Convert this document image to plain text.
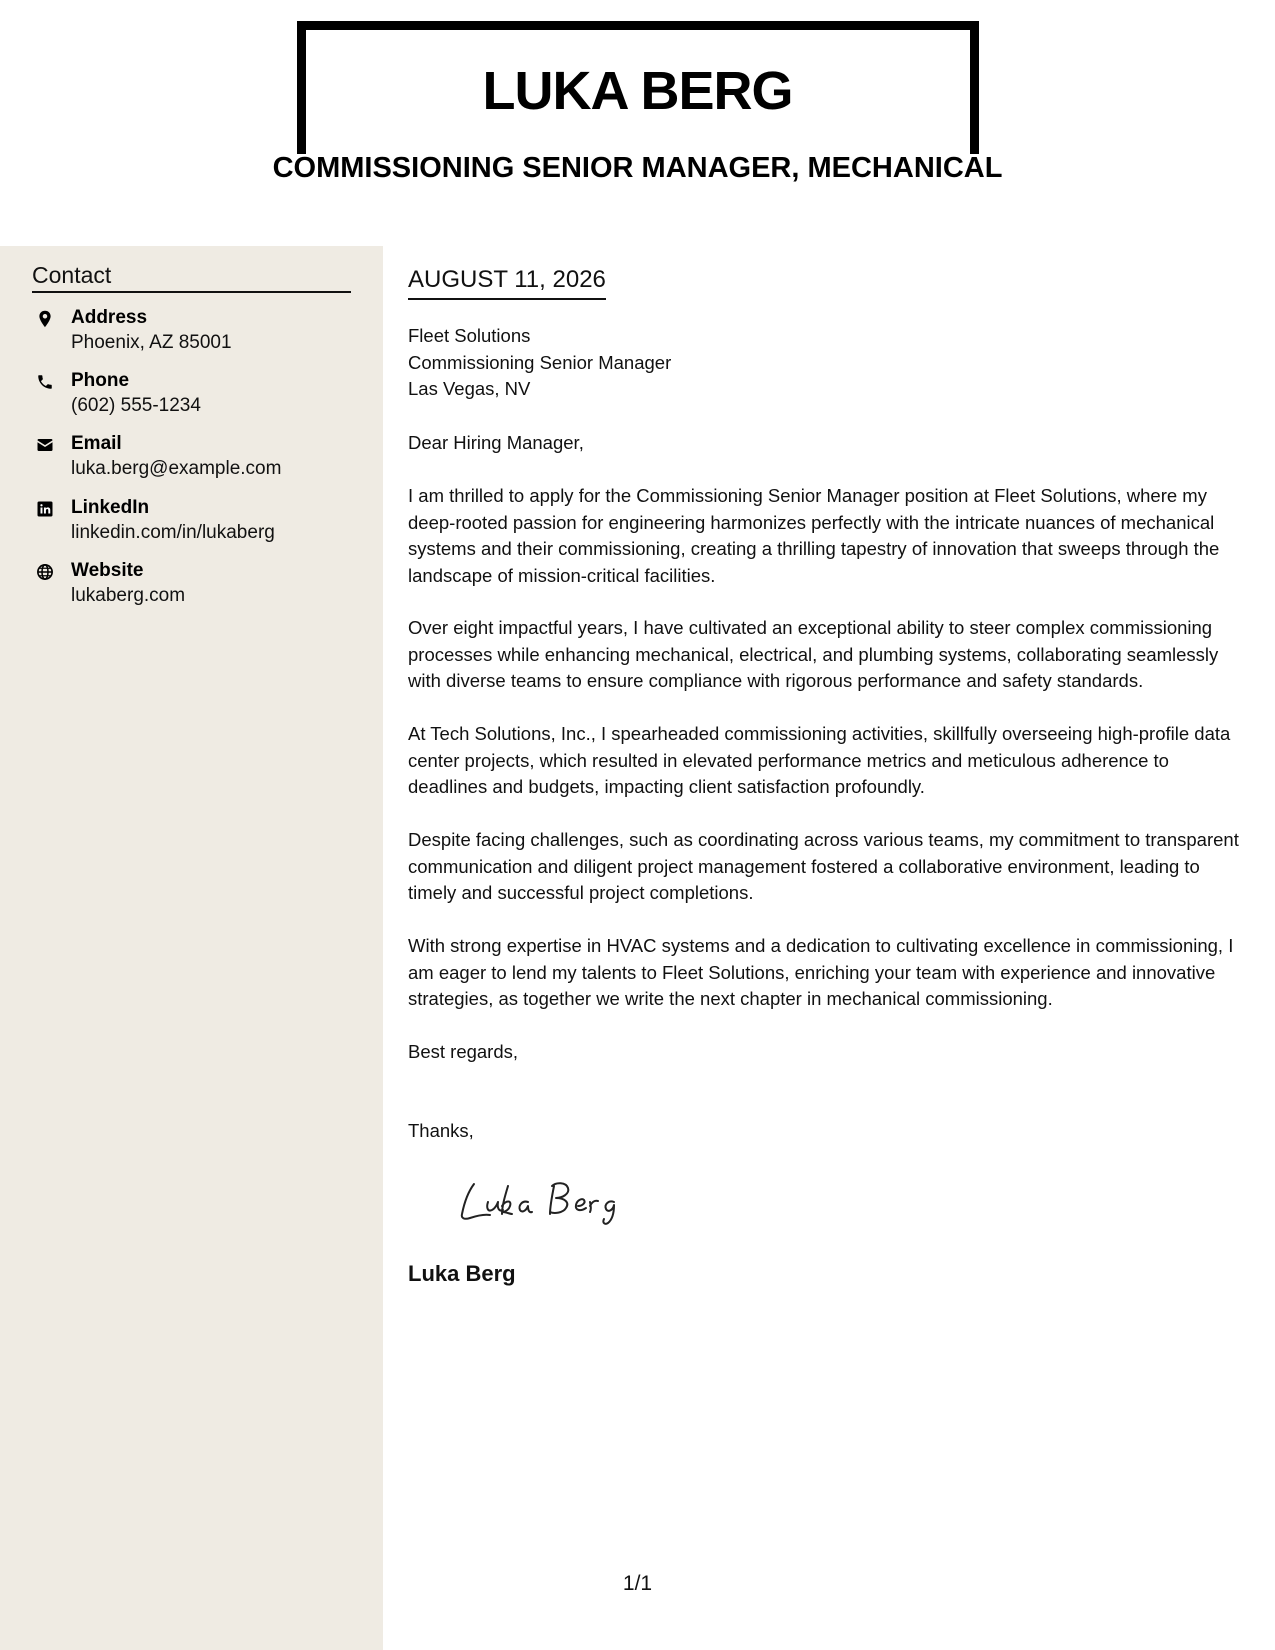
LUKA BERG
COMMISSIONING SENIOR MANAGER, MECHANICAL
Contact
Address
Phoenix, AZ 85001
Phone
(602) 555-1234
Email
luka.berg@example.com
LinkedIn
linkedin.com/in/lukaberg
Website
lukaberg.com
AUGUST 11, 2026
Fleet Solutions
Commissioning Senior Manager
Las Vegas, NV
Dear Hiring Manager,
I am thrilled to apply for the Commissioning Senior Manager position at Fleet Solutions, where my deep-rooted passion for engineering harmonizes perfectly with the intricate nuances of mechanical systems and their commissioning, creating a thrilling tapestry of innovation that sweeps through the landscape of mission-critical facilities.
Over eight impactful years, I have cultivated an exceptional ability to steer complex commissioning processes while enhancing mechanical, electrical, and plumbing systems, collaborating seamlessly with diverse teams to ensure compliance with rigorous performance and safety standards.
At Tech Solutions, Inc., I spearheaded commissioning activities, skillfully overseeing high-profile data center projects, which resulted in elevated performance metrics and meticulous adherence to deadlines and budgets, impacting client satisfaction profoundly.
Despite facing challenges, such as coordinating across various teams, my commitment to transparent communication and diligent project management fostered a collaborative environment, leading to timely and successful project completions.
With strong expertise in HVAC systems and a dedication to cultivating excellence in commissioning, I am eager to lend my talents to Fleet Solutions, enriching your team with experience and innovative strategies, as together we write the next chapter in mechanical commissioning.
Best regards,
Thanks,
Luka Berg
Luka Berg
1/1
